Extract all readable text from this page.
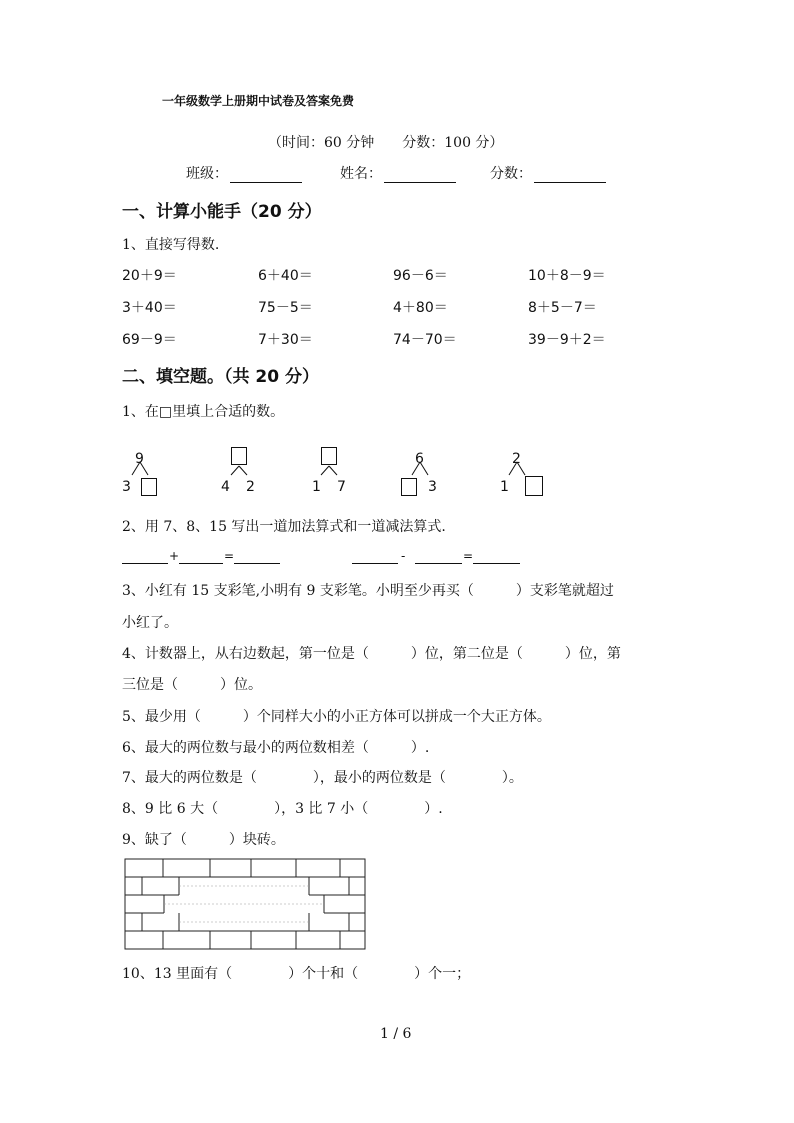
一年级数学上册期中试卷及答案免费
（时间：60 分钟　　分数：100 分）
班级：	姓名：	分数：
一、计算小能手（20 分）
1、直接写得数.
20＋9＝	6＋40＝	96－6＝	10＋8－9＝
3＋40＝	75－5＝	4＋80＝	8＋5－7＝
69－9＝	7＋30＝	74－70＝	39－9＋2＝
二、填空题。（共 20 分）
1、在□里填上合适的数。
9
3	4 2	1 7
6
3
2
1
2、用 7、8、15 写出一道加法算式和一道减法算式.
+	=	-	=
3、小红有 15 支彩笔,小明有 9 支彩笔。小明至少再买（　　　）支彩笔就超过
小红了。
4、计数器上，从右边数起，第一位是（　　　）位，第二位是（　　　）位，第
三位是（　　　）位。
5、最少用（　　　）个同样大小的小正方体可以拼成一个大正方体。
6、最大的两位数与最小的两位数相差（　　　）.
7、最大的两位数是（　　　　），最小的两位数是（　　　　）。
8、9 比 6 大（　　　　），3 比 7 小（　　　　）.
9、缺了（　　　）块砖。
10、13 里面有（　　　　）个十和（　　　　）个一；
1 / 6
